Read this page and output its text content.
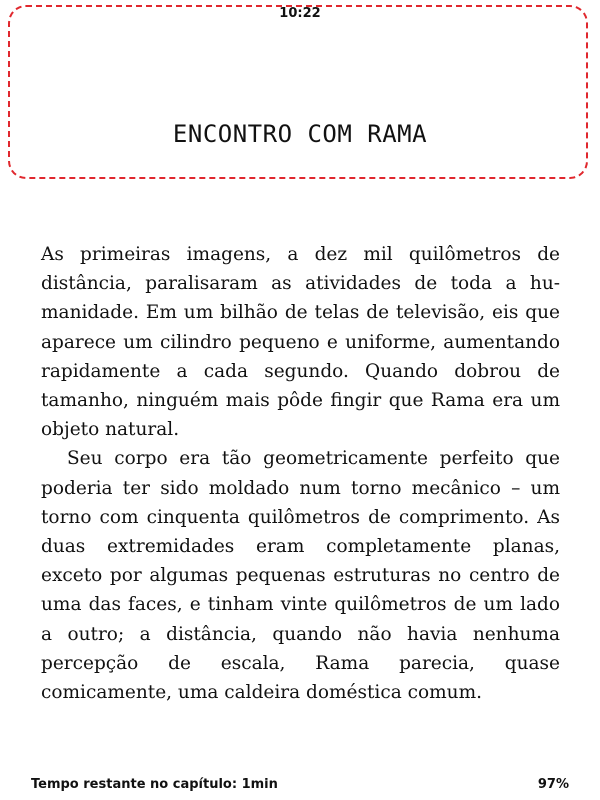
10:22
ENCONTRO COM RAMA

As primeiras imagens, a dez mil quilômetros de distância, paralisaram as atividades de toda a humanidade. Em um bilhão de telas de televisão, eis que aparece um cilindro pequeno e uniforme, aumentando rapidamente a cada segundo. Quando dobrou de tamanho, ninguém mais pôde fingir que Rama era um objeto natural.

Seu corpo era tão geometricamente perfeito que poderia ter sido moldado num torno mecânico – um torno com cinquenta quilômetros de comprimento. As duas extremidades eram completamente planas, exceto por algumas pequenas estruturas no centro de uma das faces, e tinham vinte quilômetros de um lado a outro; a distância, quando não havia nenhuma percepção de escala, Rama parecia, quase comicamente, uma caldeira doméstica comum.

Tempo restante no capítulo: 1min	97%
